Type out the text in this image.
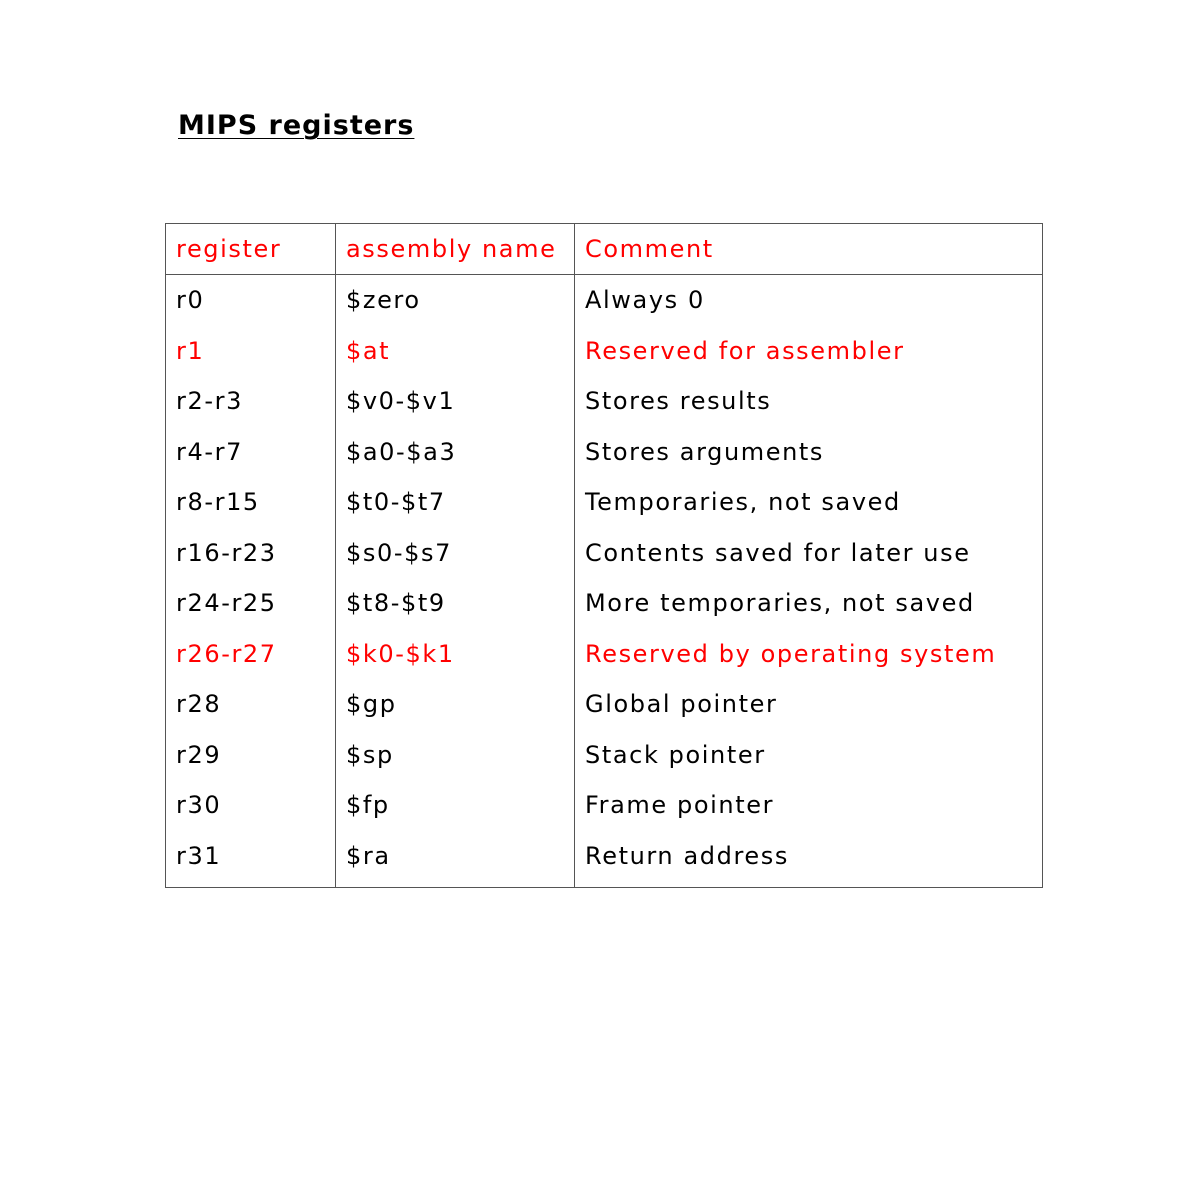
MIPS registers
register	assembly name	Comment
r0	$zero	Always 0
r1	$at	Reserved for assembler
r2-r3	$v0-$v1	Stores results
r4-r7	$a0-$a3	Stores arguments
r8-r15	$t0-$t7	Temporaries, not saved
r16-r23	$s0-$s7	Contents saved for later use
r24-r25	$t8-$t9	More temporaries, not saved
r26-r27	$k0-$k1	Reserved by operating system
r28	$gp	Global pointer
r29	$sp	Stack pointer
r30	$fp	Frame pointer
r31	$ra	Return address
